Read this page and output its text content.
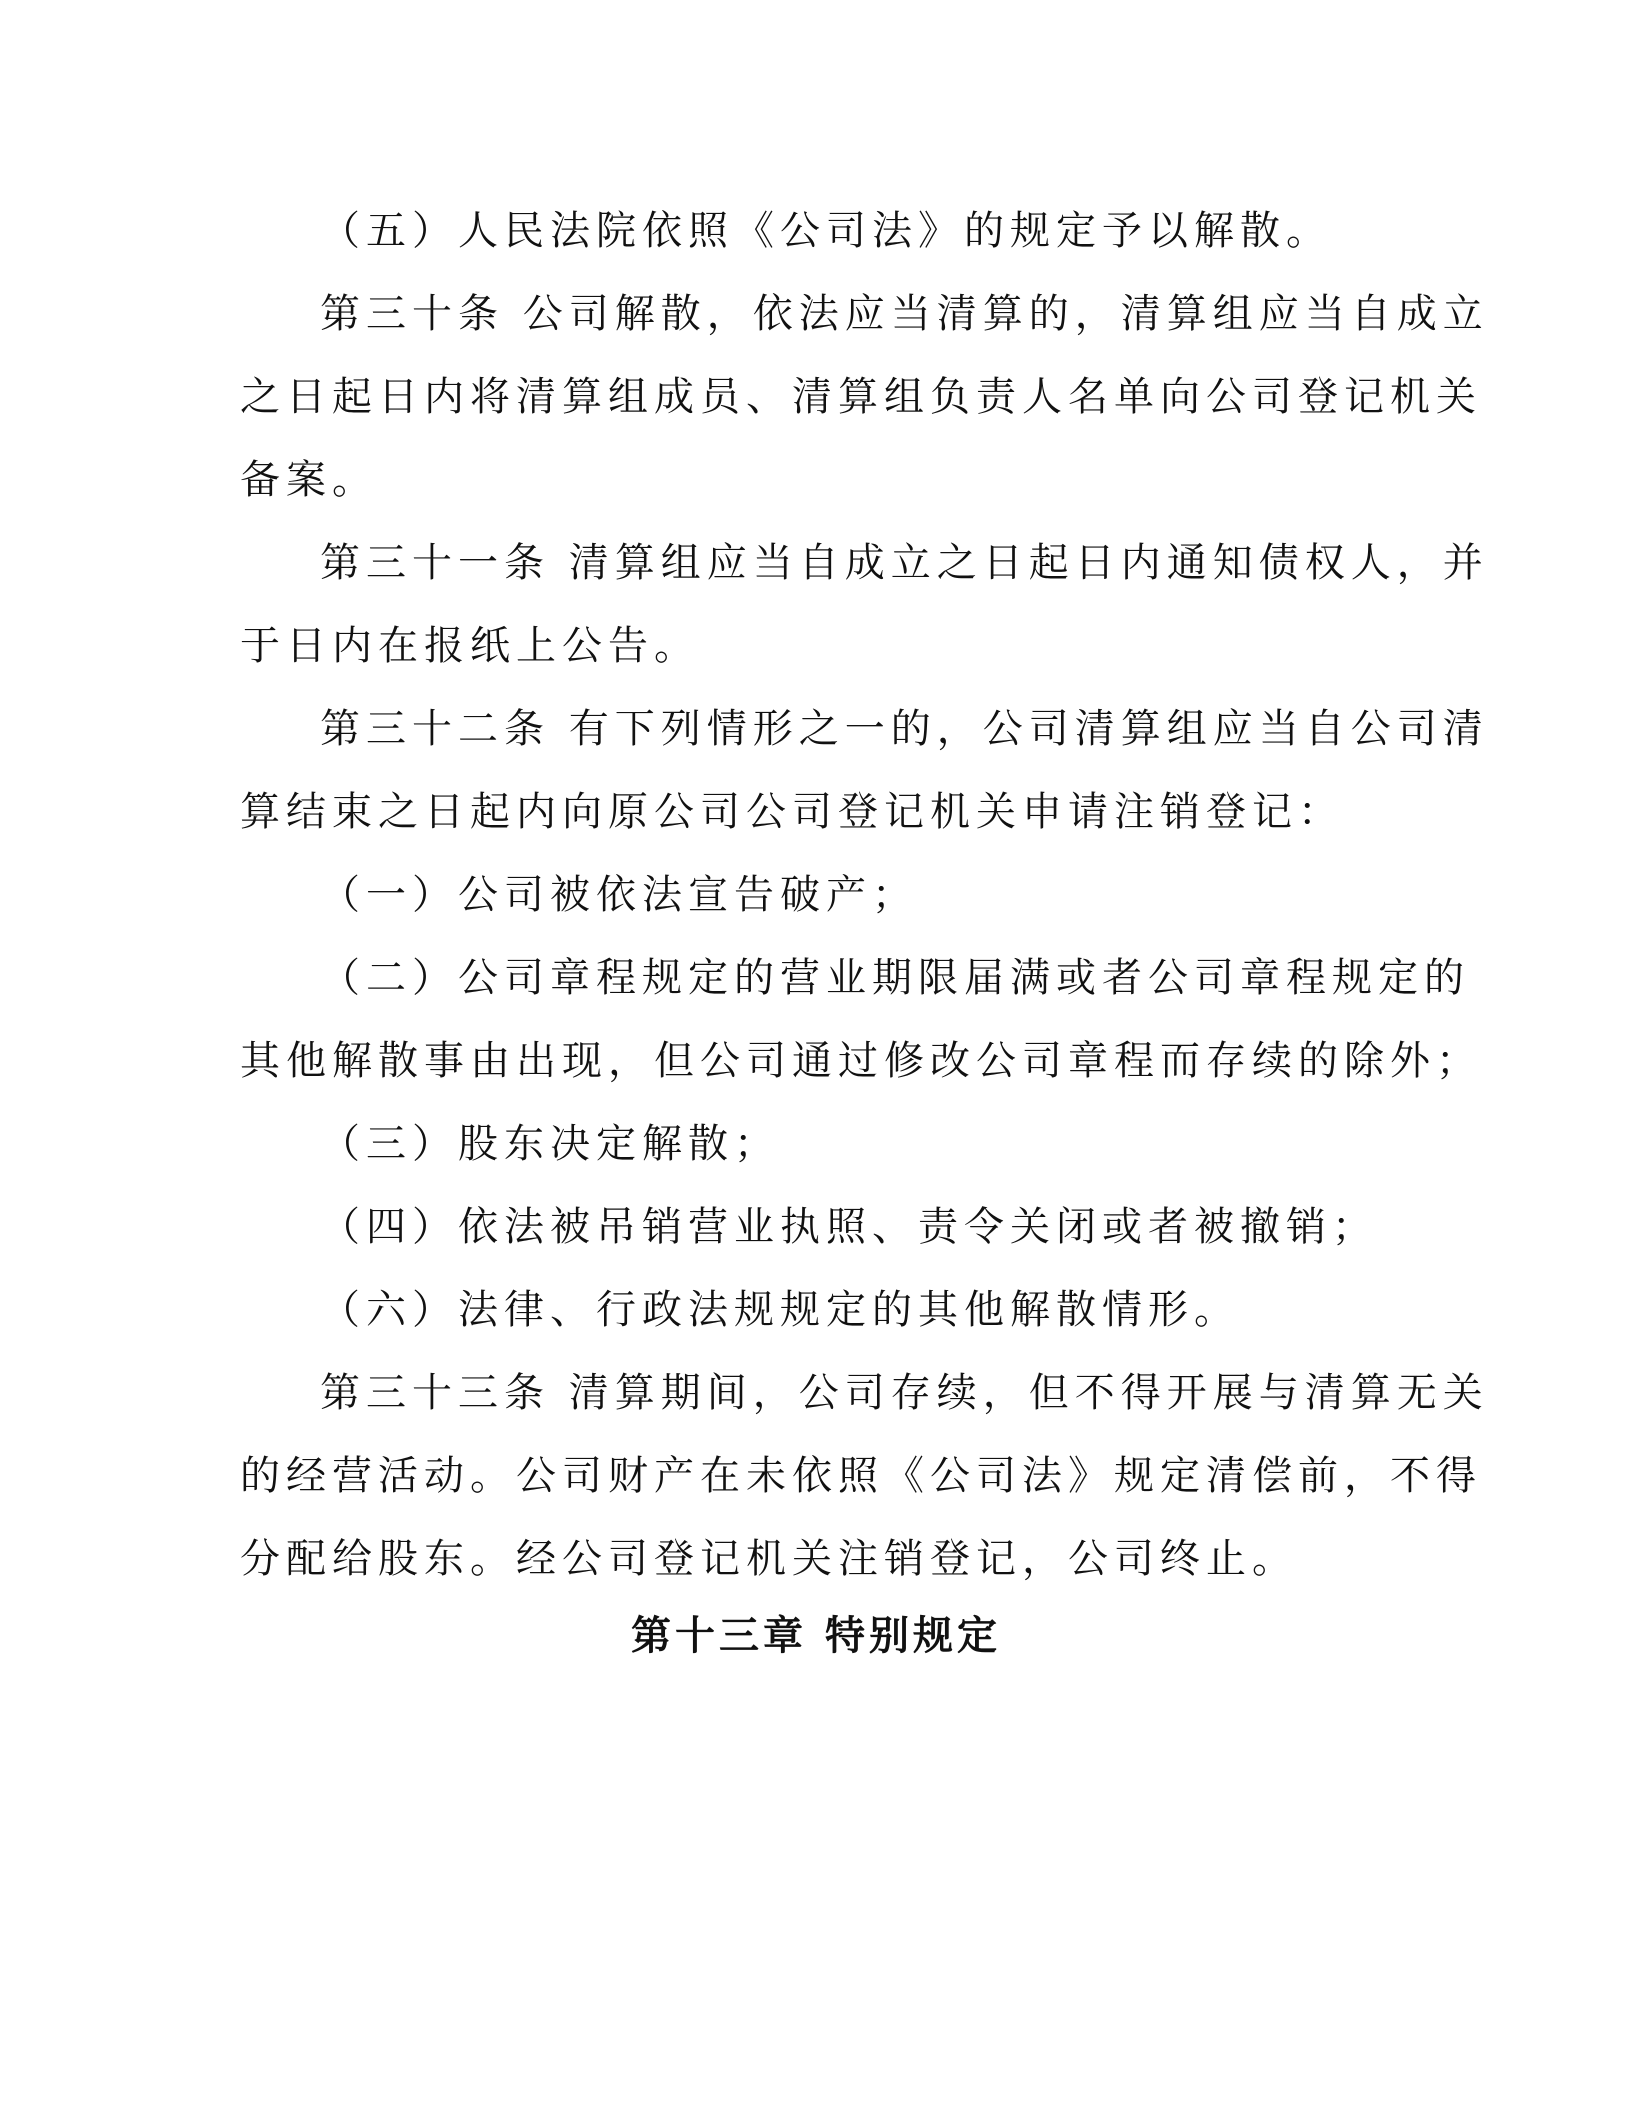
（五）人民法院依照《公司法》的规定予以解散。
第三十条 公司解散，依法应当清算的，清算组应当自成立
之日起日内将清算组成员、清算组负责人名单向公司登记机关
备案。
第三十一条 清算组应当自成立之日起日内通知债权人，并
于日内在报纸上公告。
第三十二条 有下列情形之一的，公司清算组应当自公司清
算结束之日起内向原公司公司登记机关申请注销登记：
（一）公司被依法宣告破产；
（二）公司章程规定的营业期限届满或者公司章程规定的
其他解散事由出现，但公司通过修改公司章程而存续的除外；
（三）股东决定解散；
（四）依法被吊销营业执照、责令关闭或者被撤销；
（六）法律、行政法规规定的其他解散情形。
第三十三条 清算期间，公司存续，但不得开展与清算无关
的经营活动。公司财产在未依照《公司法》规定清偿前，不得
分配给股东。经公司登记机关注销登记，公司终止。
第十三章 特别规定
